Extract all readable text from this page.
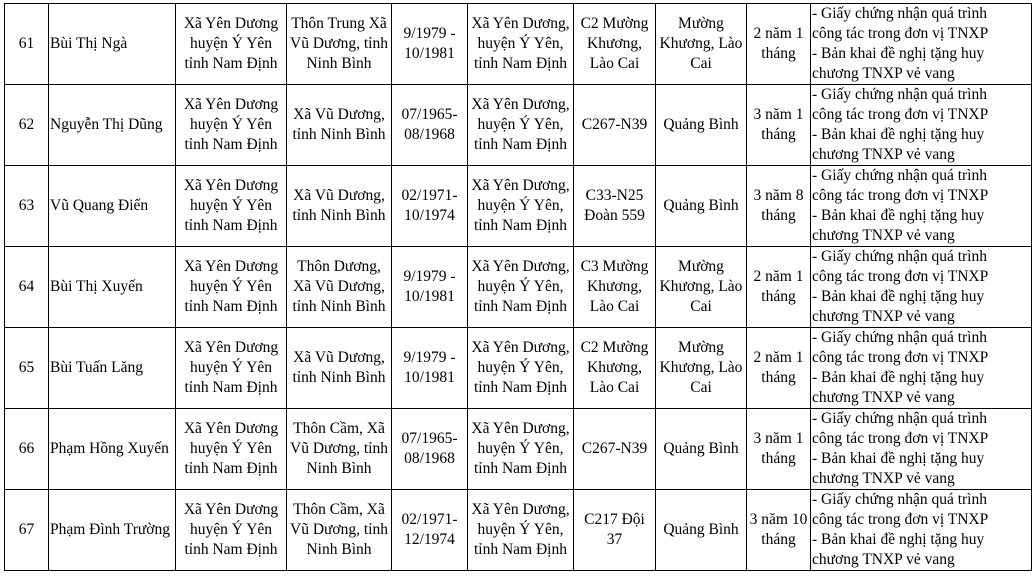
61	Bùi Thị Ngà	Xã Yên Dương huyện Ý Yên tỉnh Nam Định	Thôn Trung Xã Vũ Dương, tỉnh Ninh Bình	9/1979 - 10/1981	Xã Yên Dương, huyện Ý Yên, tỉnh Nam Định	C2 Mường Khương, Lào Cai	Mường Khương, Lào Cai	2 năm 1 tháng	- Giấy chứng nhận quá trình
công tác trong đơn vị TNXP
- Bản khai đề nghị tặng huy
chương TNXP vẻ vang

62	Nguyễn Thị Dũng	Xã Yên Dương huyện Ý Yên tỉnh Nam Định	Xã Vũ Dương, tỉnh Ninh Bình	07/1965- 08/1968	Xã Yên Dương, huyện Ý Yên, tỉnh Nam Định	C267-N39	Quảng Bình	3 năm 1 tháng	- Giấy chứng nhận quá trình
công tác trong đơn vị TNXP
- Bản khai đề nghị tặng huy
chương TNXP vẻ vang

63	Vũ Quang Điển	Xã Yên Dương huyện Ý Yên tỉnh Nam Định	Xã Vũ Dương, tỉnh Ninh Bình	02/1971- 10/1974	Xã Yên Dương, huyện Ý Yên, tỉnh Nam Định	C33-N25 Đoàn 559	Quảng Bình	3 năm 8 tháng	- Giấy chứng nhận quá trình
công tác trong đơn vị TNXP
- Bản khai đề nghị tặng huy
chương TNXP vẻ vang

64	Bùi Thị Xuyến	Xã Yên Dương huyện Ý Yên tỉnh Nam Định	Thôn Dương, Xã Vũ Dương, tỉnh Ninh Bình	9/1979 - 10/1981	Xã Yên Dương, huyện Ý Yên, tỉnh Nam Định	C3 Mường Khương, Lào Cai	Mường Khương, Lào Cai	2 năm 1 tháng	- Giấy chứng nhận quá trình
công tác trong đơn vị TNXP
- Bản khai đề nghị tặng huy
chương TNXP vẻ vang

65	Bùi Tuấn Lăng	Xã Yên Dương huyện Ý Yên tỉnh Nam Định	Xã Vũ Dương, tỉnh Ninh Bình	9/1979 - 10/1981	Xã Yên Dương, huyện Ý Yên, tỉnh Nam Định	C2 Mường Khương, Lào Cai	Mường Khương, Lào Cai	2 năm 1 tháng	- Giấy chứng nhận quá trình
công tác trong đơn vị TNXP
- Bản khai đề nghị tặng huy
chương TNXP vẻ vang

66	Phạm Hồng Xuyến	Xã Yên Dương huyện Ý Yên tỉnh Nam Định	Thôn Cầm, Xã Vũ Dương, tỉnh Ninh Bình	07/1965- 08/1968	Xã Yên Dương, huyện Ý Yên, tỉnh Nam Định	C267-N39	Quảng Bình	3 năm 1 tháng	- Giấy chứng nhận quá trình
công tác trong đơn vị TNXP
- Bản khai đề nghị tặng huy
chương TNXP vẻ vang

67	Phạm Đình Trường	Xã Yên Dương huyện Ý Yên tỉnh Nam Định	Thôn Cầm, Xã Vũ Dương, tỉnh Ninh Bình	02/1971- 12/1974	Xã Yên Dương, huyện Ý Yên, tỉnh Nam Định	C217 Đội 37	Quảng Bình	3 năm 10 tháng	- Giấy chứng nhận quá trình
công tác trong đơn vị TNXP
- Bản khai đề nghị tặng huy
chương TNXP vẻ vang
